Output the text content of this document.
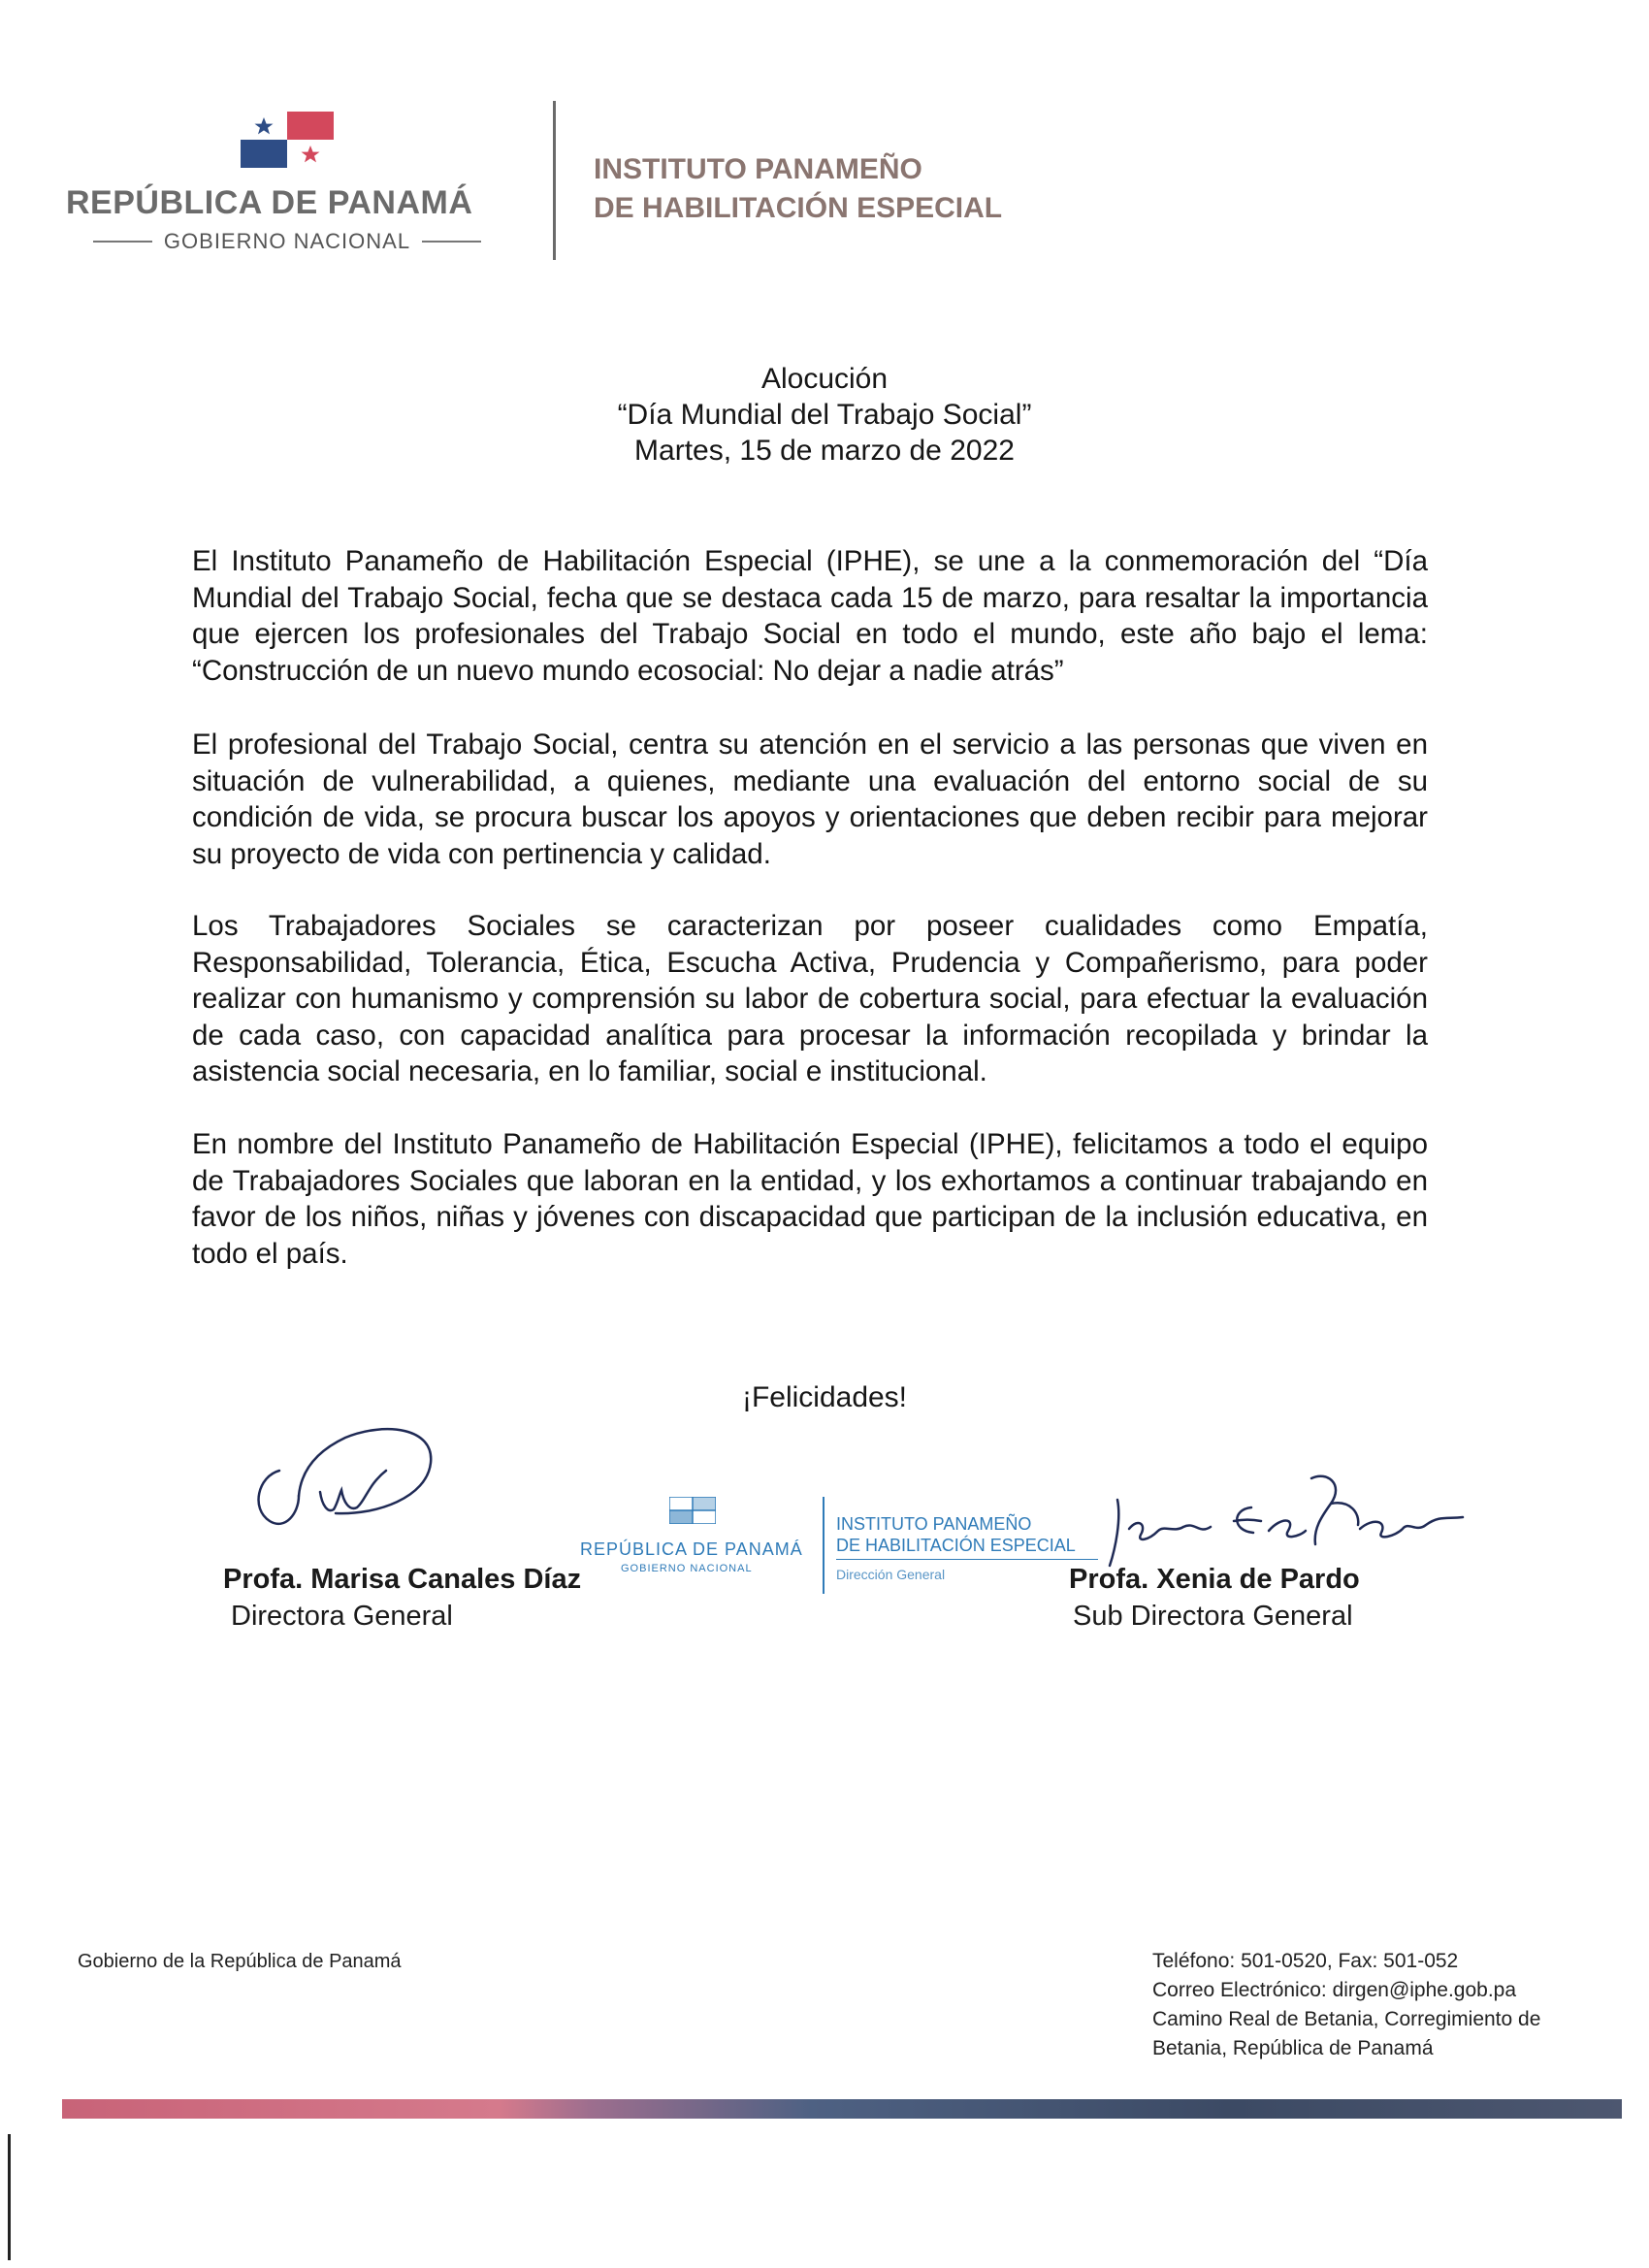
REPÚBLICA DE PANAMÁ
GOBIERNO NACIONAL
INSTITUTO PANAMEÑO
DE HABILITACIÓN ESPECIAL
Alocución
“Día Mundial del Trabajo Social”
Martes, 15 de marzo de 2022
El Instituto Panameño de Habilitación Especial (IPHE), se une a la conmemoración del “Día Mundial del Trabajo Social, fecha que se destaca cada 15 de marzo, para resaltar la importancia que ejercen los profesionales del Trabajo Social en todo el mundo, este año bajo el lema: “Construcción de un nuevo mundo ecosocial: No dejar a nadie atrás”
El profesional del Trabajo Social, centra su atención en el servicio a las personas que viven en situación de vulnerabilidad, a quienes, mediante una evaluación del entorno social de su condición de vida, se procura buscar los apoyos y orientaciones que deben recibir para mejorar su proyecto de vida con pertinencia y calidad.
Los Trabajadores Sociales se caracterizan por poseer cualidades como Empatía, Responsabilidad, Tolerancia, Ética, Escucha Activa, Prudencia y Compañerismo, para poder realizar con humanismo y comprensión su labor de cobertura social, para efectuar la evaluación de cada caso, con capacidad analítica para procesar la información recopilada y brindar la asistencia social necesaria, en lo familiar, social e institucional.
En nombre del Instituto Panameño de Habilitación Especial (IPHE), felicitamos a todo el equipo de Trabajadores Sociales que laboran en la entidad, y los exhortamos a continuar trabajando en favor de los niños, niñas y jóvenes con discapacidad que participan de la inclusión educativa, en todo el país.
¡Felicidades!
Profa. Marisa Canales Díaz
Directora General
Profa. Xenia de Pardo
Sub Directora General
REPÚBLICA DE PANAMÁ
GOBIERNO NACIONAL
INSTITUTO PANAMEÑO
DE HABILITACIÓN ESPECIAL
Dirección General
Gobierno de la República de Panamá	Teléfono: 501-0520, Fax: 501-052
Correo Electrónico: dirgen@iphe.gob.pa
Camino Real de Betania, Corregimiento de
Betania, República de Panamá
